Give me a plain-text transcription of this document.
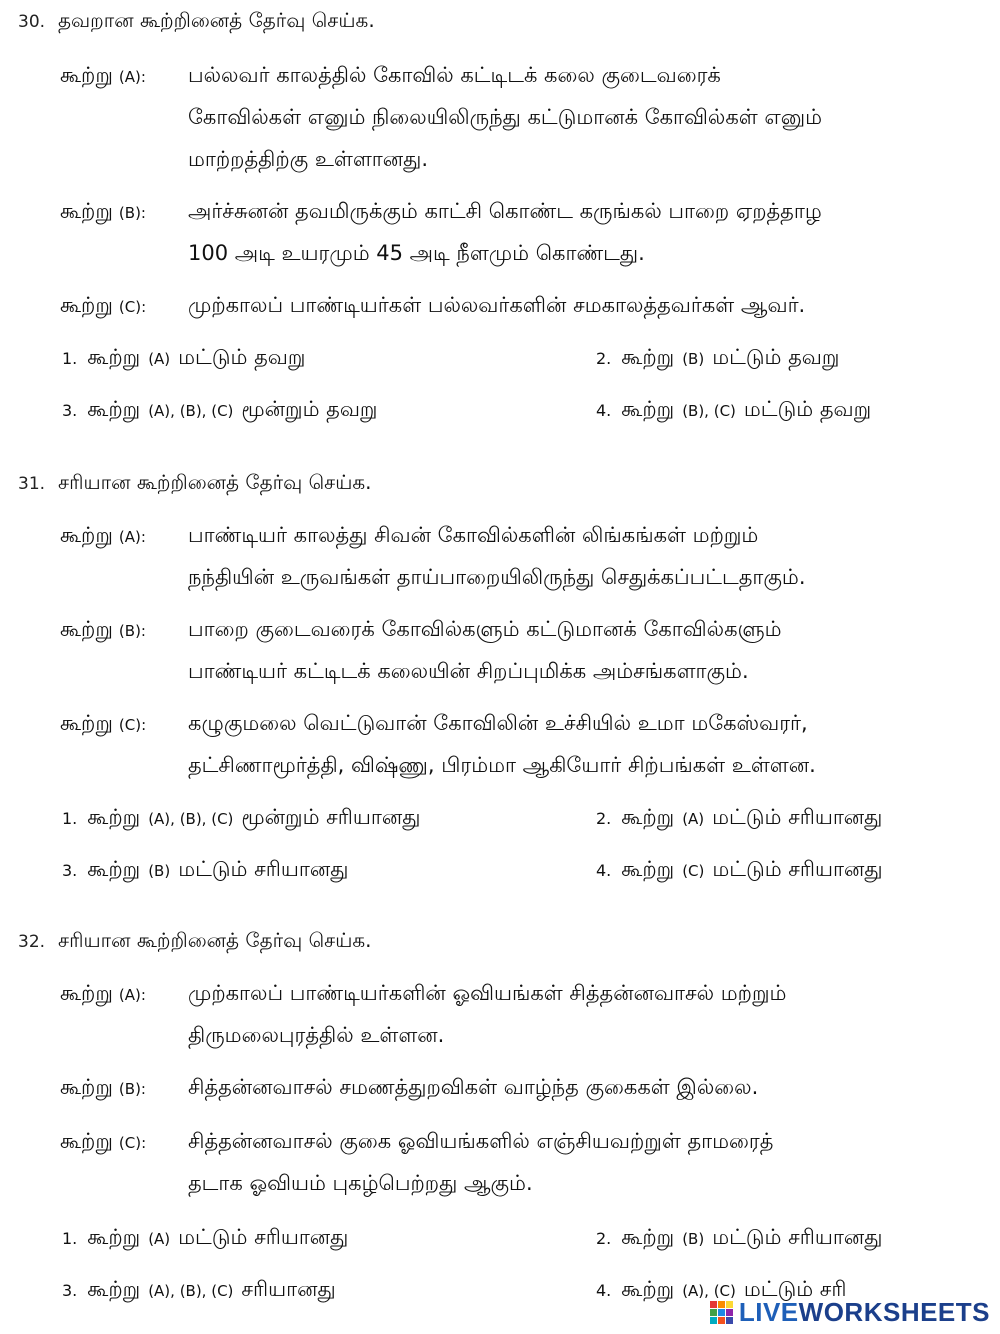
30. தவறான கூற்றினைத் தேர்வு செய்க.
கூற்று (A): பல்லவர் காலத்தில் கோவில் கட்டிடக் கலை குடைவரைக்
கோவில்கள் எனும் நிலையிலிருந்து கட்டுமானக் கோவில்கள் எனும்
மாற்றத்திற்கு உள்ளானது.
கூற்று (B): அர்ச்சுனன் தவமிருக்கும் காட்சி கொண்ட கருங்கல் பாறை ஏறத்தாழ
100 அடி உயரமும் 45 அடி நீளமும் கொண்டது.
கூற்று (C): முற்காலப் பாண்டியர்கள் பல்லவர்களின் சமகாலத்தவர்கள் ஆவர்.
1. கூற்று (A) மட்டும் தவறு	2. கூற்று (B) மட்டும் தவறு
3. கூற்று (A), (B), (C) மூன்றும் தவறு	4. கூற்று (B), (C) மட்டும் தவறு
31. சரியான கூற்றினைத் தேர்வு செய்க.
கூற்று (A): பாண்டியர் காலத்து சிவன் கோவில்களின் லிங்கங்கள் மற்றும்
நந்தியின் உருவங்கள் தாய்பாறையிலிருந்து செதுக்கப்பட்டதாகும்.
கூற்று (B): பாறை குடைவரைக் கோவில்களும் கட்டுமானக் கோவில்களும்
பாண்டியர் கட்டிடக் கலையின் சிறப்புமிக்க அம்சங்களாகும்.
கூற்று (C): கழுகுமலை வெட்டுவான் கோவிலின் உச்சியில் உமா மகேஸ்வரர்,
தட்சிணாமூர்த்தி, விஷ்ணு, பிரம்மா ஆகியோர் சிற்பங்கள் உள்ளன.
1. கூற்று (A), (B), (C) மூன்றும் சரியானது	2. கூற்று (A) மட்டும் சரியானது
3. கூற்று (B) மட்டும் சரியானது	4. கூற்று (C) மட்டும் சரியானது
32. சரியான கூற்றினைத் தேர்வு செய்க.
கூற்று (A): முற்காலப் பாண்டியர்களின் ஓவியங்கள் சித்தன்னவாசல் மற்றும்
திருமலைபுரத்தில் உள்ளன.
கூற்று (B): சித்தன்னவாசல் சமணத்துறவிகள் வாழ்ந்த குகைகள் இல்லை.
கூற்று (C): சித்தன்னவாசல் குகை ஓவியங்களில் எஞ்சியவற்றுள் தாமரைத்
தடாக ஓவியம் புகழ்பெற்றது ஆகும்.
1. கூற்று (A) மட்டும் சரியானது	2. கூற்று (B) மட்டும் சரியானது
3. கூற்று (A), (B), (C) சரியானது	4. கூற்று (A), (C) மட்டும் சரி
LIVEWORKSHEETS
